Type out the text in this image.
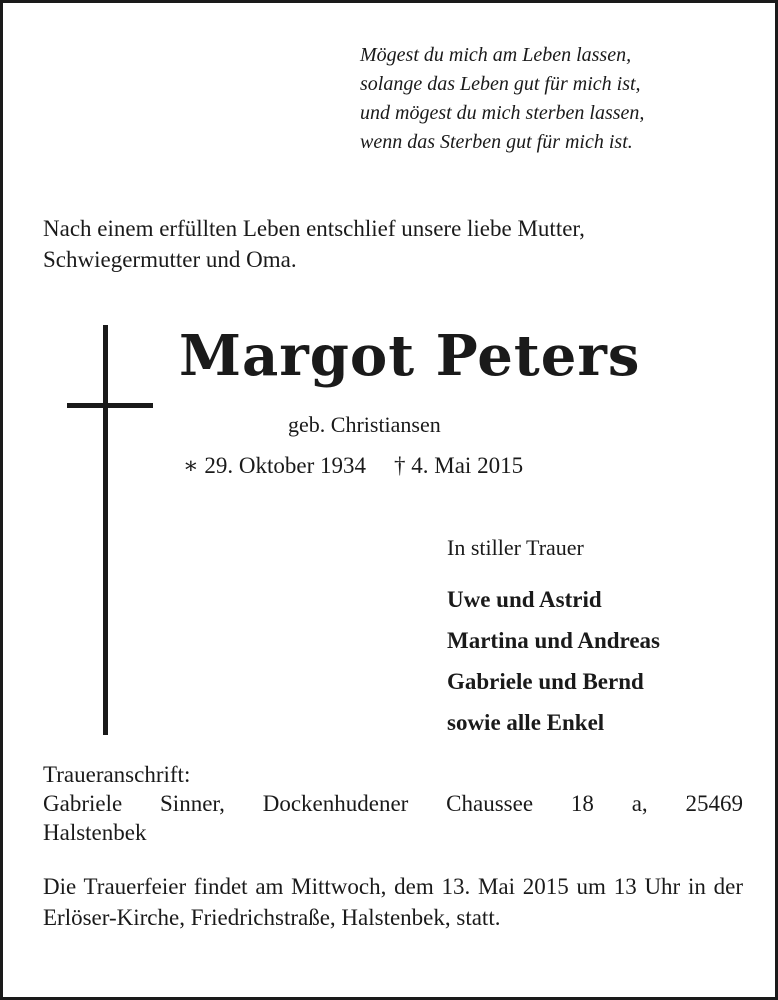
Mögest du mich am Leben lassen,
solange das Leben gut für mich ist,
und mögest du mich sterben lassen,
wenn das Sterben gut für mich ist.
Nach einem erfüllten Leben entschlief unsere liebe Mutter,
Schwiegermutter und Oma.
Margot Peters
geb. Christiansen
∗ 29. Oktober 1934 † 4. Mai 2015
In stiller Trauer
Uwe und Astrid
Martina und Andreas
Gabriele und Bernd
sowie alle Enkel
Traueranschrift:
Gabriele Sinner, Dockenhudener Chaussee 18 a, 25469
Halstenbek
Die Trauerfeier findet am Mittwoch, dem 13. Mai 2015 um 13 Uhr in der Erlöser-Kirche, Friedrichstraße, Halstenbek, statt.
